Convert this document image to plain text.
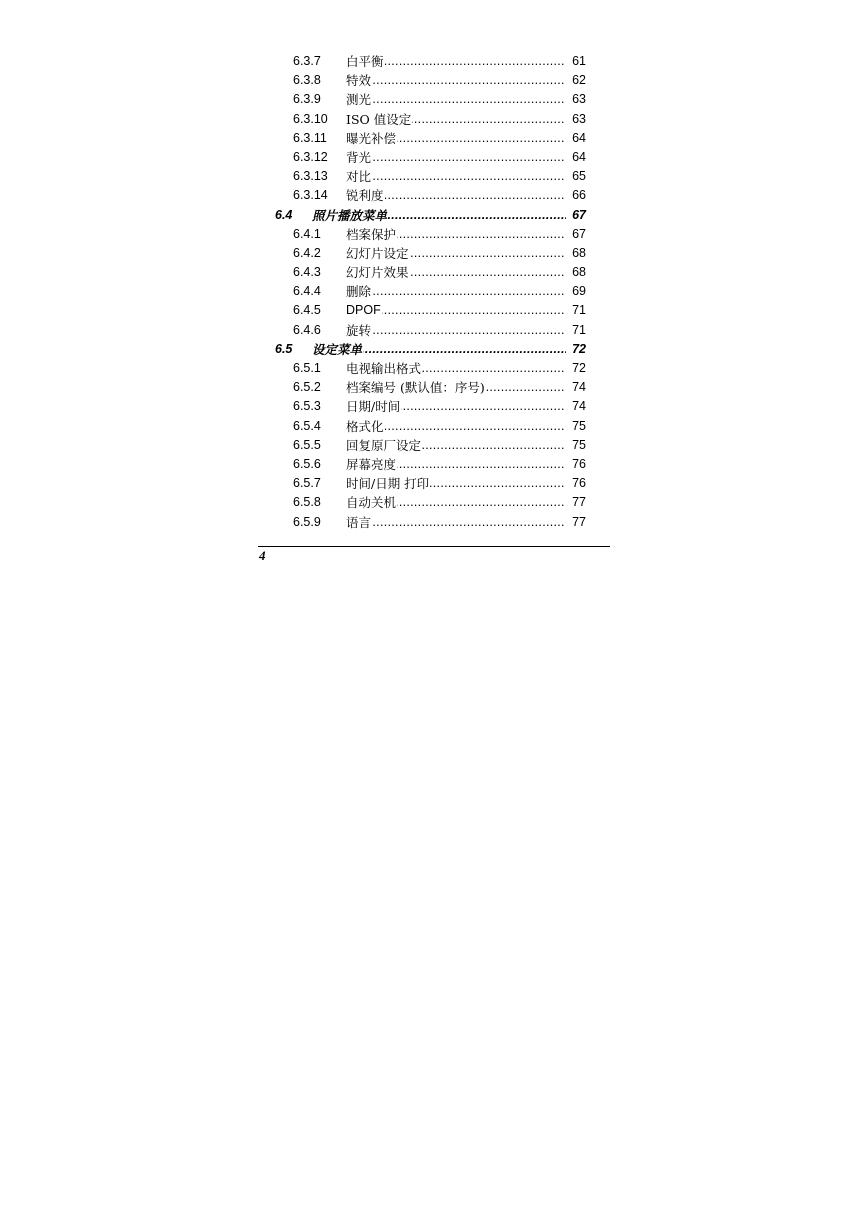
6.3.7 白平衡 .....	61
6.3.8 特效 .....	62
6.3.9 测光 .....	63
6.3.10 ISO 值设定 .....	63
6.3.11 曝光补偿 .....	64
6.3.12 背光 .....	64
6.3.13 对比 .....	65
6.3.14 锐利度 .....	66
6.4 照片播放菜单 .....	67
6.4.1 档案保护 .....	67
6.4.2 幻灯片设定 .....	68
6.4.3 幻灯片效果 .....	68
6.4.4 删除 .....	69
6.4.5 DPOF .....	71
6.4.6 旋转 .....	71
6.5 设定菜单 .....	72
6.5.1 电视输出格式 .....	72
6.5.2 档案编号 (默认值：序号) .....	74
6.5.3 日期/时间 .....	74
6.5.4 格式化 .....	75
6.5.5 回复原厂设定 .....	75
6.5.6 屏幕亮度 .....	76
6.5.7 时间/日期 打印 .....	76
6.5.8 自动关机 .....	77
6.5.9 语言 .....	77
4
